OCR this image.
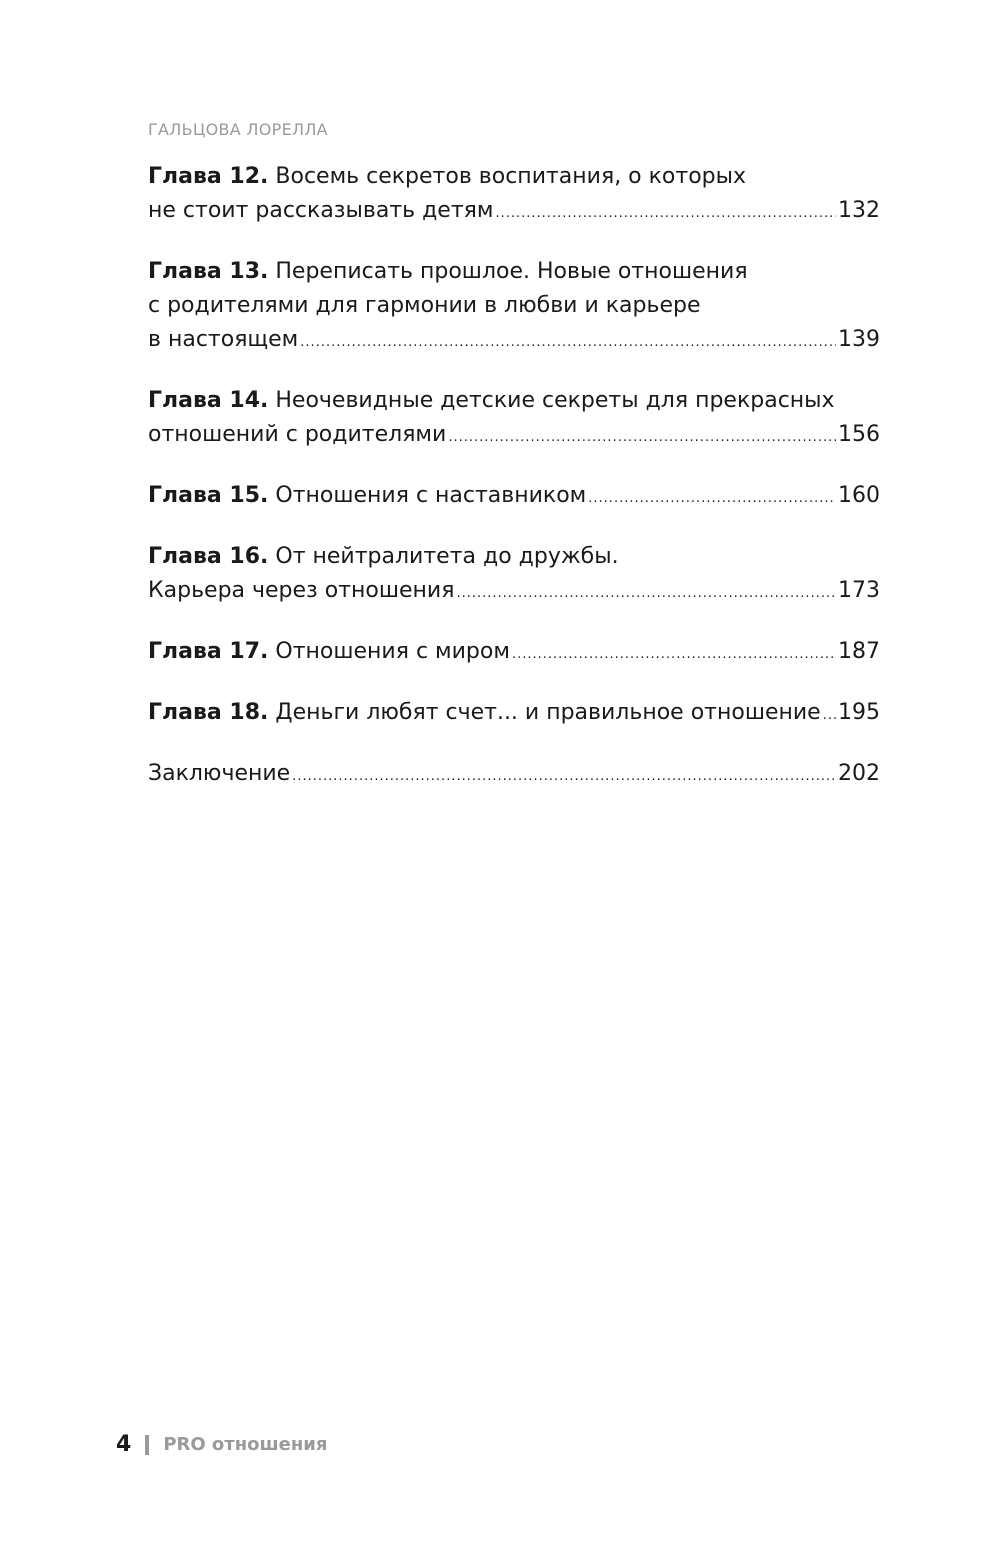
ГАЛЬЦОВА ЛОРЕЛЛА
Глава 12. Восемь секретов воспитания, о которых
не стоит рассказывать детям .....	132
Глава 13. Переписать прошлое. Новые отношения
с родителями для гармонии в любви и карьере
в настоящем .....	139
Глава 14. Неочевидные детские секреты для прекрасных
отношений с родителями .....	156
Глава 15. Отношения с наставником .....	160
Глава 16. От нейтралитета до дружбы.
Карьера через отношения .....	173
Глава 17. Отношения с миром .....	187
Глава 18. Деньги любят счет... и правильное отношение ..... 195
Заключение .....	202
4 PRO отношения
